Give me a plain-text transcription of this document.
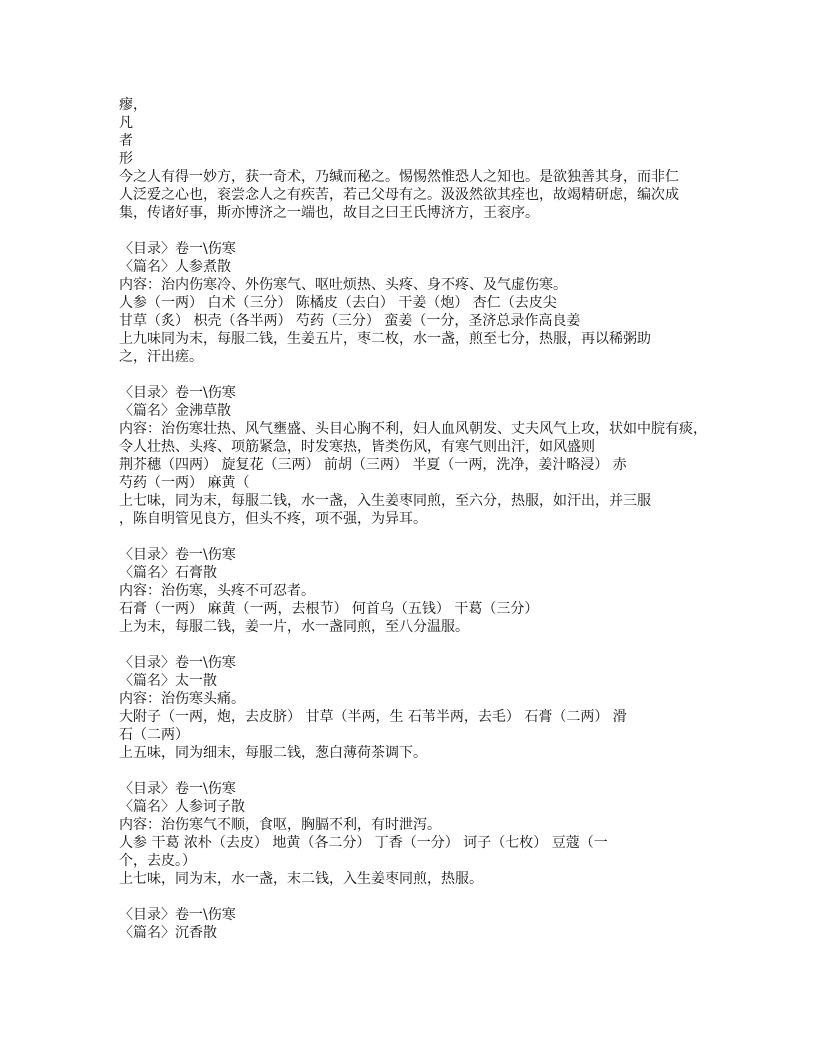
瘳，
凡
者
形
今之人有得一妙方，获一奇术，乃缄而秘之。惕惕然惟恐人之知也。是欲独善其身，而非仁
人泛爱之心也，衮尝念人之有疾苦，若己父母有之。汲汲然欲其痊也，故竭精研虑，编次成
集，传诸好事，斯亦博济之一端也，故目之曰王氏博济方，王衮序。
〈目录〉卷一\伤寒
〈篇名〉人参煮散
内容：治内伤寒冷、外伤寒气、呕吐烦热、头疼、身不疼、及气虚伤寒。
人参（一两） 白术（三分） 陈橘皮（去白） 干姜（炮） 杏仁（去皮尖
甘草（炙） 枳壳（各半两） 芍药（三分） 蛮姜（一分，圣济总录作高良姜
上九味同为末，每服二钱，生姜五片，枣二枚，水一盏，煎至七分，热服，再以稀粥助
之，汗出瘥。
〈目录〉卷一\伤寒
〈篇名〉金沸草散
内容：治伤寒壮热、风气壅盛、头目心胸不利，妇人血风朝发、丈夫风气上攻，状如中脘有痰，
令人壮热、头疼、项筋紧急，时发寒热，皆类伤风，有寒气则出汗，如风盛则
荆芥穗（四两） 旋复花（三两） 前胡（三两） 半夏（一两，洗净，姜汁略浸） 赤
芍药（一两） 麻黄（
上七味，同为末，每服二钱，水一盏，入生姜枣同煎，至六分，热服，如汗出，并三服
，陈自明管见良方，但头不疼，项不强，为异耳。
〈目录〉卷一\伤寒
〈篇名〉石膏散
内容：治伤寒，头疼不可忍者。
石膏（一两） 麻黄（一两，去根节） 何首乌（五钱） 干葛（三分）
上为末，每服二钱，姜一片，水一盏同煎，至八分温服。
〈目录〉卷一\伤寒
〈篇名〉太一散
内容：治伤寒头痛。
大附子（一两，炮，去皮脐） 甘草（半两，生 石苇半两，去毛） 石膏（二两） 滑
石（二两）
上五味，同为细末，每服二钱，葱白薄荷茶调下。
〈目录〉卷一\伤寒
〈篇名〉人参诃子散
内容：治伤寒气不顺，食呕，胸膈不利，有时泄泻。
人参 干葛 浓朴（去皮） 地黄（各二分） 丁香（一分） 诃子（七枚） 豆蔻（一
个，去皮。）
上七味，同为末，水一盏，末二钱，入生姜枣同煎，热服。
〈目录〉卷一\伤寒
〈篇名〉沉香散
